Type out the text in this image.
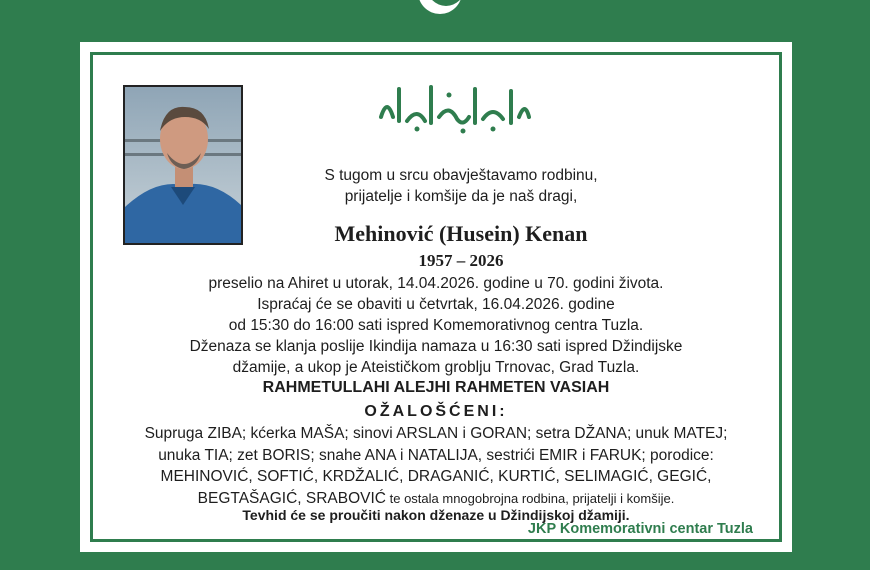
S tugom u srcu obavještavamo rodbinu,
prijatelje i komšije da je naš dragi,
Mehinović (Husein) Kenan
1957 – 2026
preselio na Ahiret u utorak, 14.04.2026. godine u 70. godini života.
Ispraćaj će se obaviti u četvrtak, 16.04.2026. godine
od 15:30 do 16:00 sati ispred Komemorativnog centra Tuzla.
Dženaza se klanja poslije Ikindija namaza u 16:30 sati ispred Džindijske
džamije, a ukop je Ateističkom groblju Trnovac, Grad Tuzla.
RAHMETULLAHI ALEJHI RAHMETEN VASIAH
OŽALOŠĆENI:
Supruga ZIBA; kćerka MAŠA; sinovi ARSLAN i GORAN; setra DŽANA; unuk MATEJ;
unuka TIA; zet BORIS; snahe ANA i NATALIJA, sestrići EMIR i FARUK; porodice:
MEHINOVIĆ, SOFTIĆ, KRDŽALIĆ, DRAGANIĆ, KURTIĆ, SELIMAGIĆ, GEGIĆ,
BEGTAŠAGIĆ, SRABOVIĆ te ostala mnogobrojna rodbina, prijatelji i komšije.
Tevhid će se proučiti nakon dženaze u Džindijskoj džamiji.
JKP Komemorativni centar Tuzla
